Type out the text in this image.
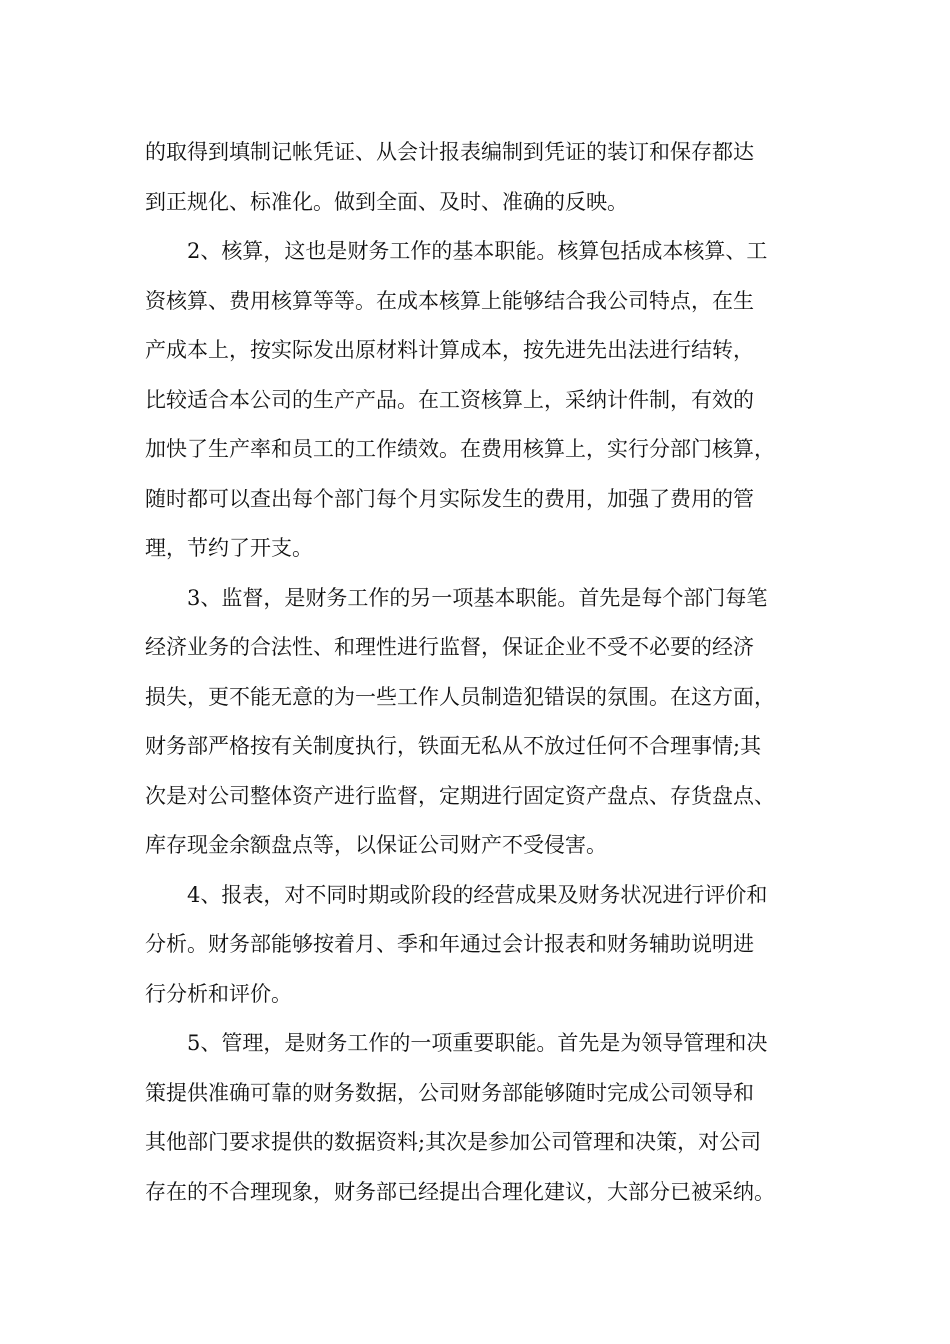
的取得到填制记帐凭证、从会计报表编制到凭证的装订和保存都达

到正规化、标准化。做到全面、及时、准确的反映。

2、核算，这也是财务工作的基本职能。核算包括成本核算、工

资核算、费用核算等等。在成本核算上能够结合我公司特点，在生

产成本上，按实际发出原材料计算成本，按先进先出法进行结转，

比较适合本公司的生产产品。在工资核算上，采纳计件制，有效的

加快了生产率和员工的工作绩效。在费用核算上，实行分部门核算，

随时都可以查出每个部门每个月实际发生的费用，加强了费用的管

理，节约了开支。

3、监督，是财务工作的另一项基本职能。首先是每个部门每笔

经济业务的合法性、和理性进行监督，保证企业不受不必要的经济

损失，更不能无意的为一些工作人员制造犯错误的氛围。在这方面，

财务部严格按有关制度执行，铁面无私从不放过任何不合理事情;其

次是对公司整体资产进行监督，定期进行固定资产盘点、存货盘点、

库存现金余额盘点等，以保证公司财产不受侵害。

4、报表，对不同时期或阶段的经营成果及财务状况进行评价和

分析。财务部能够按着月、季和年通过会计报表和财务辅助说明进

行分析和评价。

5、管理，是财务工作的一项重要职能。首先是为领导管理和决

策提供准确可靠的财务数据，公司财务部能够随时完成公司领导和

其他部门要求提供的数据资料;其次是参加公司管理和决策，对公司

存在的不合理现象，财务部已经提出合理化建议，大部分已被采纳。
